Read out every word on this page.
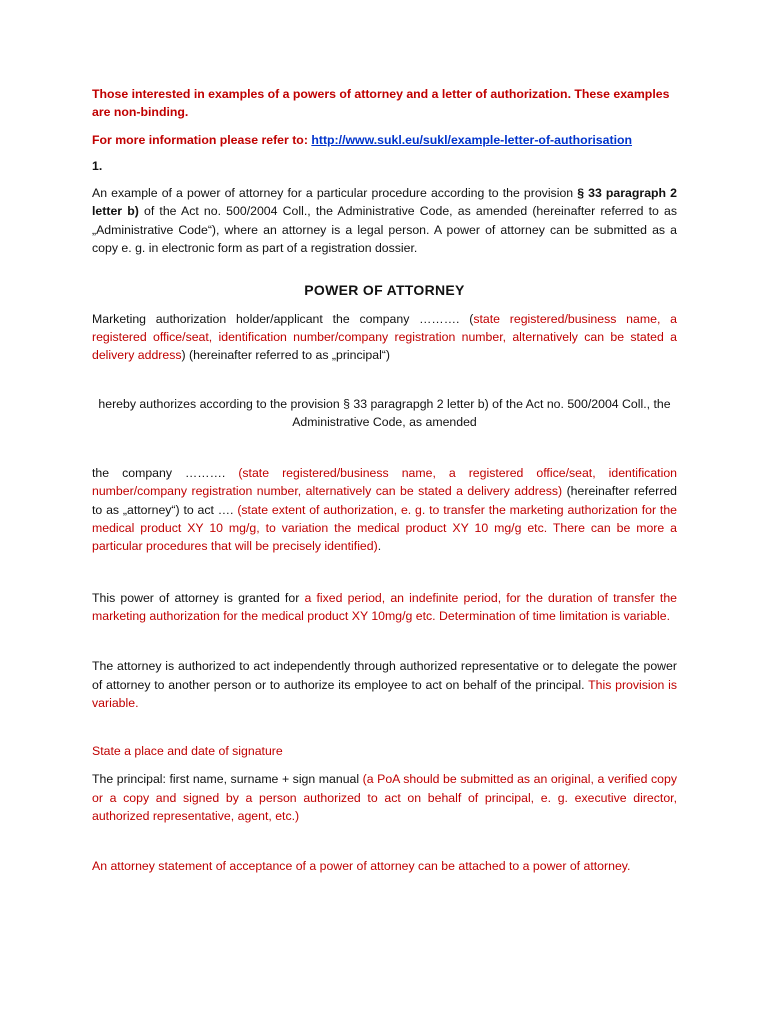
Those interested in examples of a powers of attorney and a letter of authorization. These examples are non-binding.

For more information please refer to: http://www.sukl.eu/sukl/example-letter-of-authorisation

1.

An example of a power of attorney for a particular procedure according to the provision § 33 paragraph 2 letter b) of the Act no. 500/2004 Coll., the Administrative Code, as amended (hereinafter referred to as „Administrative Code“), where an attorney is a legal person. A power of attorney can be submitted as a copy e. g. in electronic form as part of a registration dossier.

POWER OF ATTORNEY

Marketing authorization holder/applicant the company ………. (state registered/business name, a registered office/seat, identification number/company registration number, alternatively can be stated a delivery address) (hereinafter referred to as „principal“)

hereby authorizes according to the provision § 33 paragrapgh 2 letter b) of the Act no. 500/2004 Coll., the Administrative Code, as amended

the company ………. (state registered/business name, a registered office/seat, identification number/company registration number, alternatively can be stated a delivery address) (hereinafter referred to as „attorney“) to act …. (state extent of authorization, e. g. to transfer the marketing authorization for the medical product XY 10 mg/g, to variation the medical product XY 10 mg/g etc. There can be more a particular procedures that will be precisely identified).

This power of attorney is granted for a fixed period, an indefinite period, for the duration of transfer the marketing authorization for the medical product XY 10mg/g etc. Determination of time limitation is variable.

The attorney is authorized to act independently through authorized representative or to delegate the power of attorney to another person or to authorize its employee to act on behalf of the principal. This provision is variable.

State a place and date of signature

The principal: first name, surname + sign manual (a PoA should be submitted as an original, a verified copy or a copy and signed by a person authorized to act on behalf of principal, e. g. executive director, authorized representative, agent, etc.)

An attorney statement of acceptance of a power of attorney can be attached to a power of attorney.
